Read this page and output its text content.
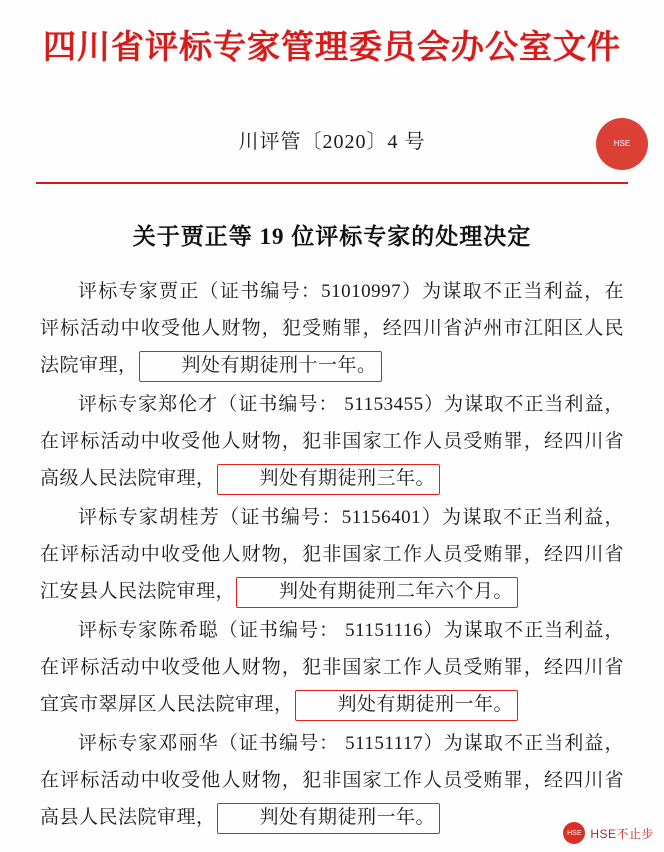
四川省评标专家管理委员会办公室文件
HSE
川评管〔2020〕4 号
关于贾正等 19 位评标专家的处理决定

评标专家贾正（证书编号：51010997）为谋取不正当利益，在评标活动中收受他人财物，犯受贿罪，经四川省泸州市江阳区人民法院审理， 判处有期徒刑十一年。

评标专家郑伦才（证书编号： 51153455）为谋取不正当利益，在评标活动中收受他人财物，犯非国家工作人员受贿罪，经四川省高级人民法院审理， 判处有期徒刑三年。

评标专家胡桂芳（证书编号：51156401）为谋取不正当利益，在评标活动中收受他人财物，犯非国家工作人员受贿罪，经四川省江安县人民法院审理， 判处有期徒刑二年六个月。

评标专家陈希聪（证书编号： 51151116）为谋取不正当利益，在评标活动中收受他人财物，犯非国家工作人员受贿罪，经四川省宜宾市翠屏区人民法院审理， 判处有期徒刑一年。

评标专家邓丽华（证书编号： 51151117）为谋取不正当利益，在评标活动中收受他人财物，犯非国家工作人员受贿罪，经四川省高县人民法院审理， 判处有期徒刑一年。

HSE HSE不止步
